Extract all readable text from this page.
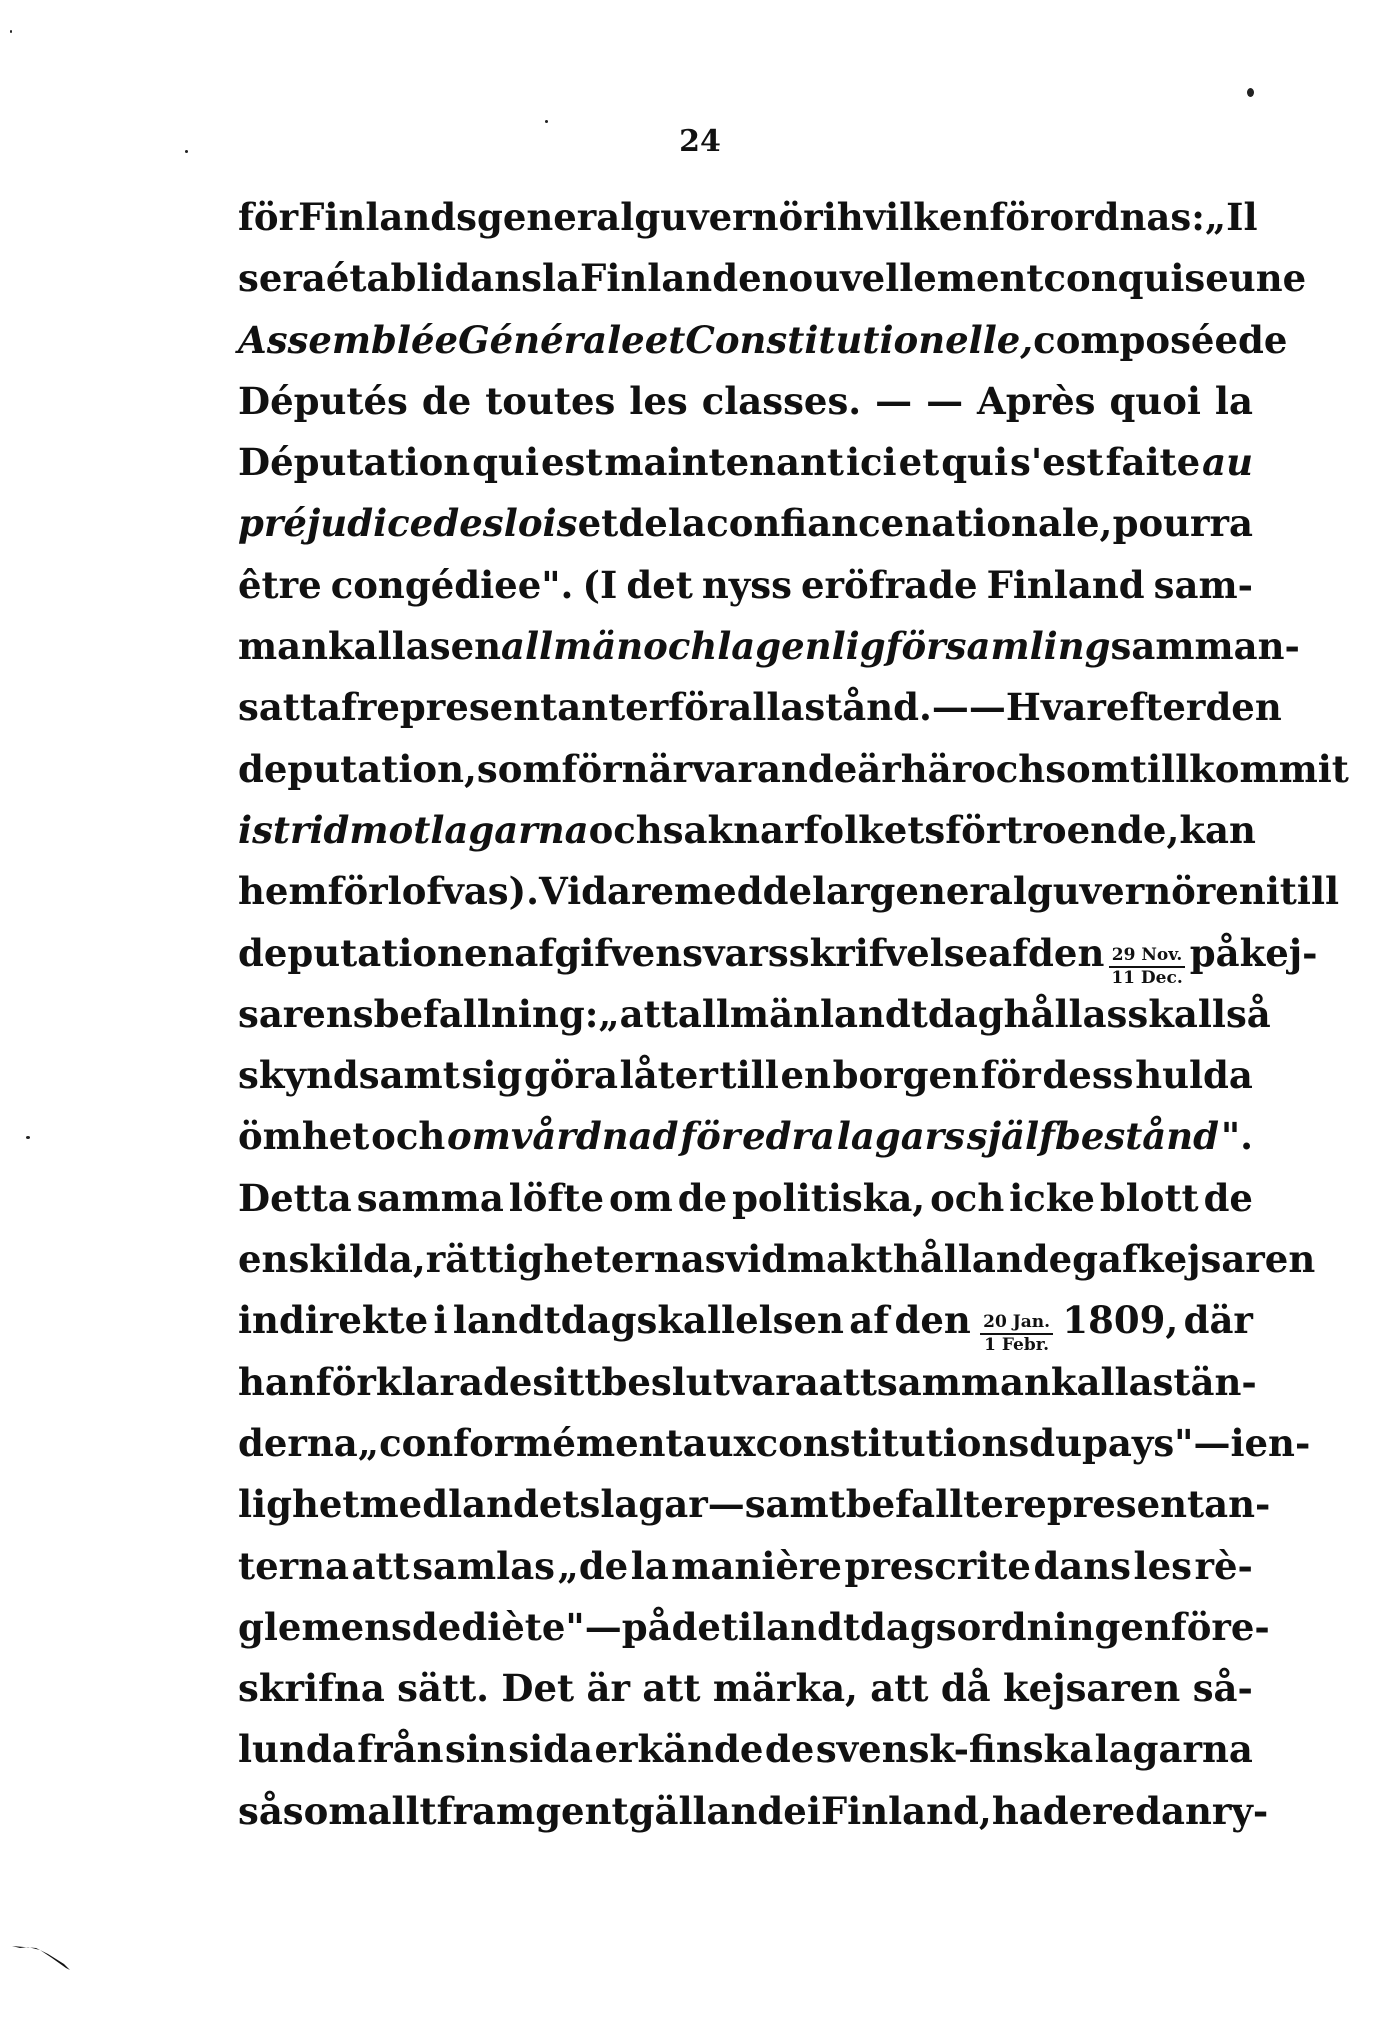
24
för Finlands generalguvernör i hvilken förordnas: „Il
sera établi dans la Finlande nouvellement conquise une
Assemblée Générale et Constitutionelle, composée de
Députés de toutes les classes. — — Après quoi la
Députation qui est maintenant ici et qui s'est faite au
préjudice des lois et de la confiance nationale, pourra
être congédiee". (I det nyss eröfrade Finland sam-
mankallas en allmän och lagenlig församling samman-
satt af representanter för alla stånd. — — Hvarefter den
deputation, som för närvarande är här och som tillkommit
i strid mot lagarna och saknar folkets förtroende, kan
hemförlofvas). Vidare meddelar generalguvernören i till
deputationen afgifven svarsskrifvelse af den $\frac{\text{29 Nov.}}{\text{11 Dec.}}$ på kej-
sarens befallning: „att allmän landtdag hållas skall så
skyndsamt sig göra låter till en borgen för dess hulda
ömhet och omvårdnad för edra lagars själfbestånd ".
Detta samma löfte om de politiska, och icke blott de
enskilda, rättigheternas vidmakthållande gaf kejsaren
indirekte i landtdagskallelsen af den $\frac{\text{20 Jan.}}{\text{1 Febr.}} 1809$, där
han förklarade sitt beslut vara att sammankalla stän-
derna „conformément aux constitutions du pays" — i en-
lighet med landets lagar — samt befallte representan-
terna att samlas „de la manière prescrite dans les rè-
glemens de diète" — på det i landtdagsordningen före-
skrifna sätt. Det är att märka, att då kejsaren så-
lunda från sin sida erkände de svensk-finska lagarna
såsom allt framgent gällande i Finland, hade redan ry-
